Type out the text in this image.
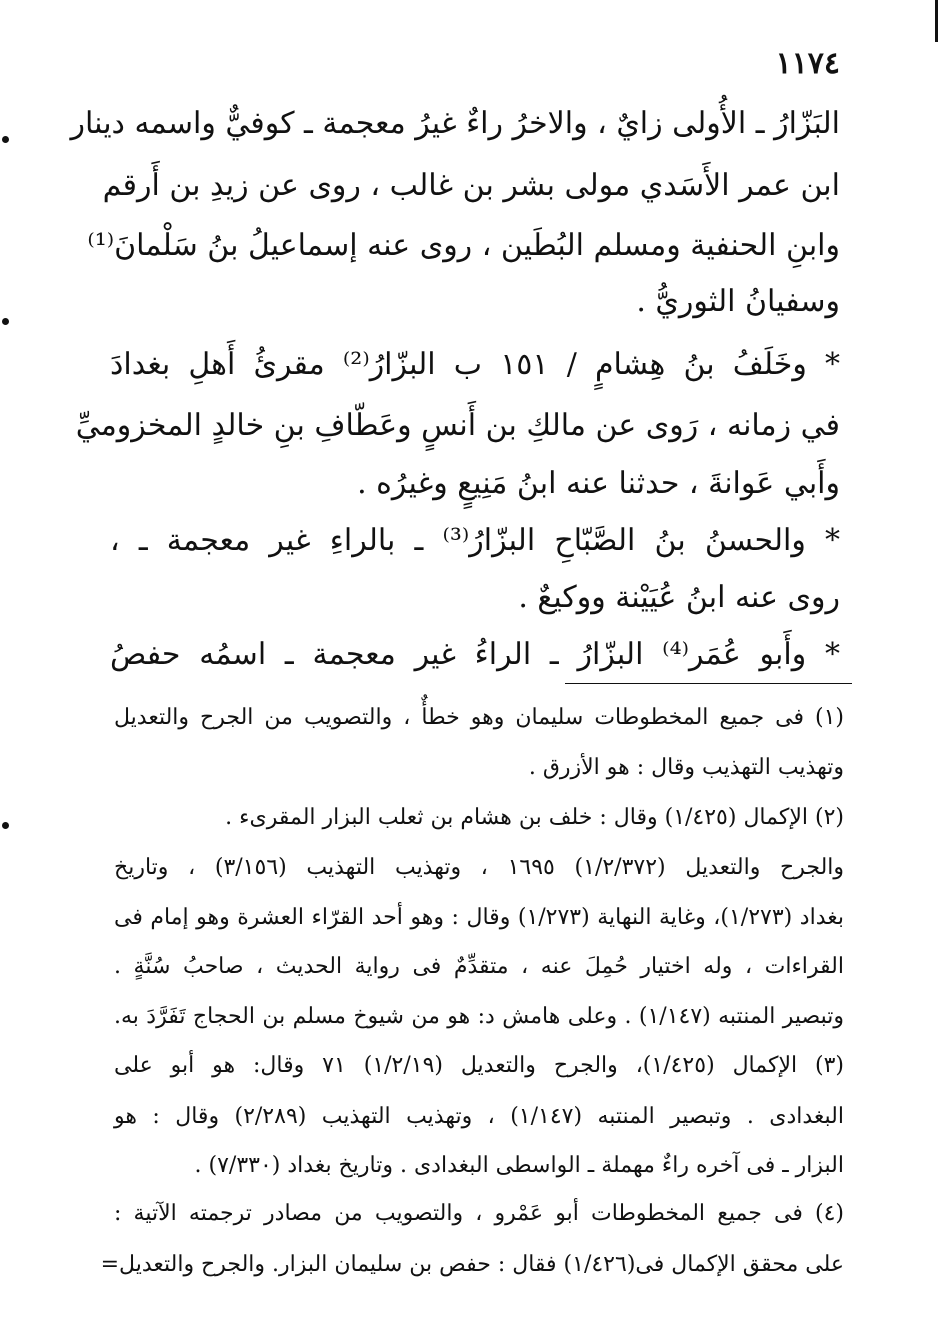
١١٧٤
البَزّارُ ـ الأُولى زايٌ ، والاخرُ راءٌ غيرُ معجمة ـ كوفيٌّ واسمه دينار
ابن عمر الأَسَدي مولى بشر بن غالب ، روى عن زيدِ بن أَرقم
وابنِ الحنفية ومسلم البُطَين ، روى عنه إسماعيلُ بنُ سَلْمانَ⁽¹⁾
وسفيانُ الثوريُّ .
* وخَلَفُ بنُ هِشامٍ / ١٥١ ب البزّارُ⁽²⁾ مقرئُ أَهلِ بغدادَ
في زمانه ، رَوى عن مالكِ بن أَنسٍ وعَطّافِ بنِ خالدٍ المخزوميِّ
وأَبي عَوانةَ ، حدثنا عنه ابنُ مَنِيعٍ وغيرُه .
* والحسنُ بنُ الصَّبّاحِ البزّارُ⁽³⁾ ـ بالراءِ غير معجمة ـ ،
روى عنه ابنُ عُيَيْنة ووكيعٌ .
* وأَبو عُمَر⁽⁴⁾ البزّارُ ـ الراءُ غير معجمة ـ اسمُه حفصُ
(١) فى جميع المخطوطات سليمان وهو خطأٌ ، والتصويب من الجرح والتعديل
وتهذيب التهذيب وقال : هو الأزرق .
(٢) الإكمال (١/٤٢٥) وقال : خلف بن هشام بن ثعلب البزار المقرىء .
والجرح والتعديل (١/٢/٣٧٢) ١٦٩٥ ، وتهذيب التهذيب (٣/١٥٦) ، وتاريخ
بغداد (١/٢٧٣)، وغاية النهاية (١/٢٧٣) وقال : وهو أحد القرّاء العشرة وهو إمام فى
القراءات ، وله اختيار حُمِلَ عنه ، متقدِّمٌ فى رواية الحديث ، صاحبُ سُنَّةٍ .
وتبصير المنتبه (١/١٤٧) . وعلى هامش د: هو من شيوخ مسلم بن الحجاج تَفَرَّدَ به.
(٣) الإكمال (١/٤٢٥)، والجرح والتعديل (١/٢/١٩) ٧١ وقال: هو أبو على
البغدادى . وتبصير المنتبه (١/١٤٧) ، وتهذيب التهذيب (٢/٢٨٩) وقال : هو
البزار ـ فى آخره راءٌ مهملة ـ الواسطى البغدادى . وتاريخ بغداد (٧/٣٣٠) .
(٤) فى جميع المخطوطات أبو عَمْرو ، والتصويب من مصادر ترجمته الآتية :
على محقق الإكمال فى(١/٤٢٦) فقال : حفص بن سليمان البزار. والجرح والتعديل=
